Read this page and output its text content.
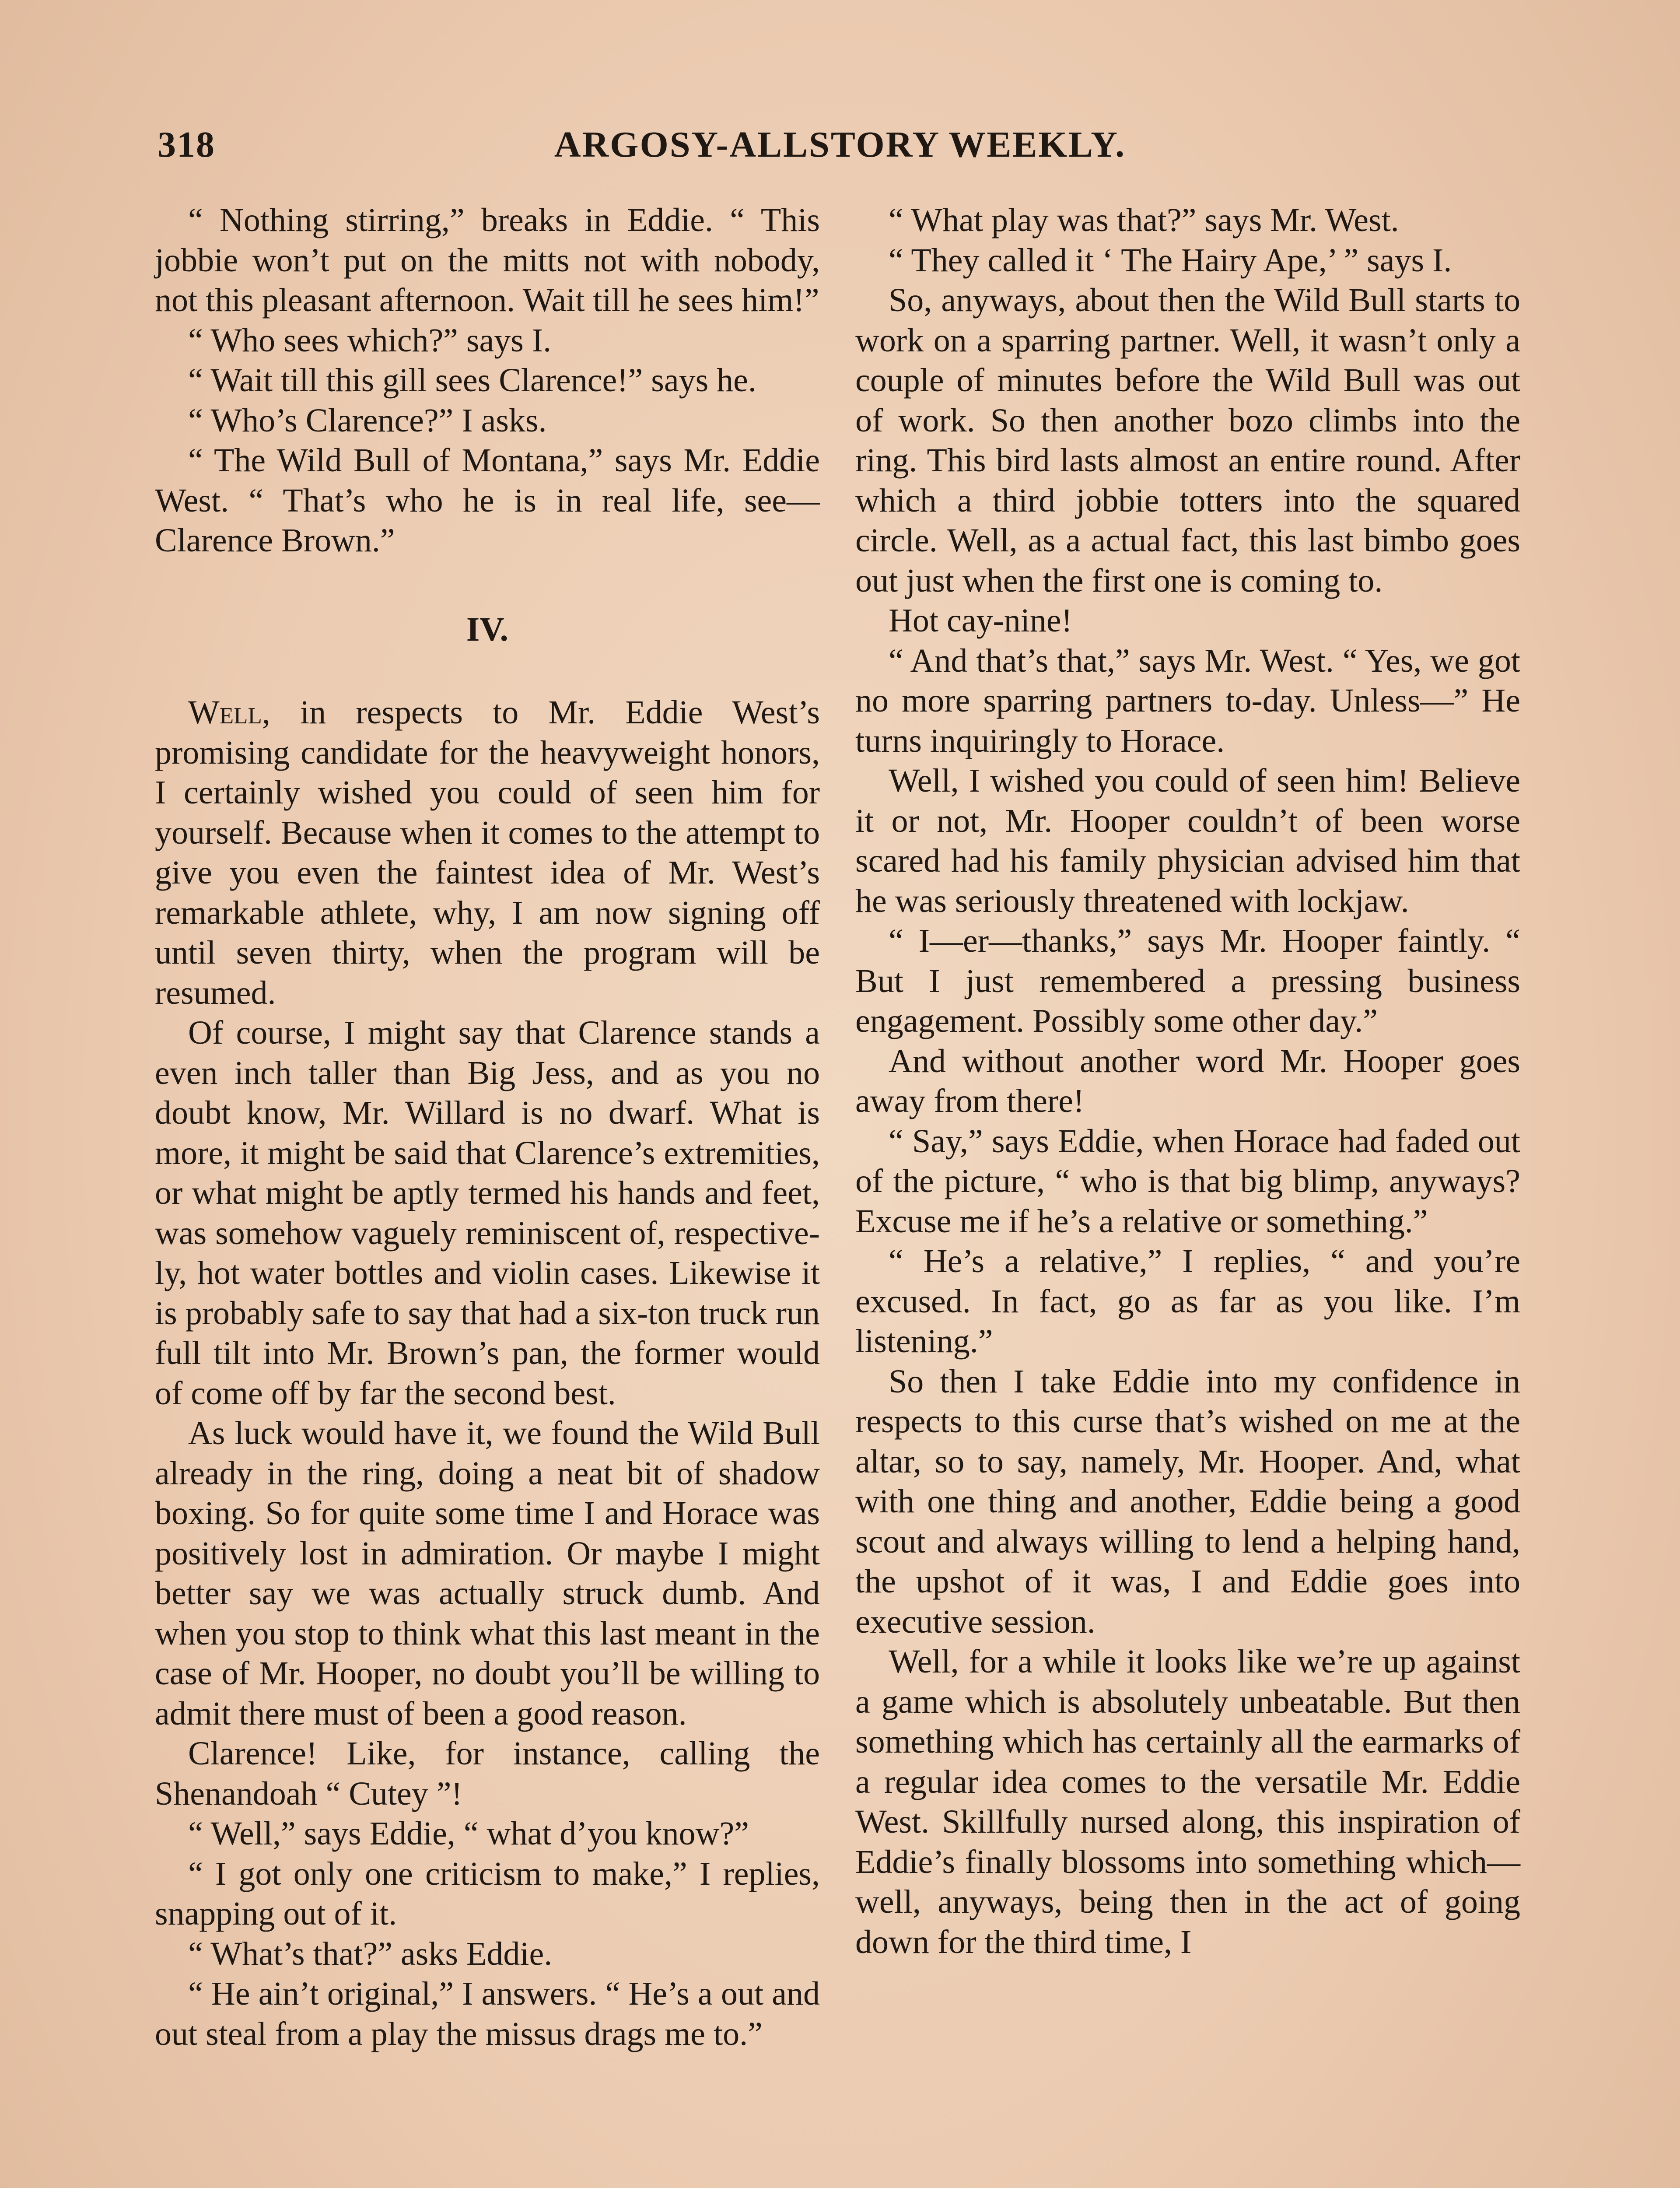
318	ARGOSY-ALLSTORY WEEKLY.

“ Nothing stirring,” breaks in Eddie. “ This jobbie won’t put on the mitts not with nobody, not this pleasant afternoon. Wait till he sees him!”

“ Who sees which?” says I.

“ Wait till this gill sees Clarence!” says he.

“ Who’s Clarence?” I asks.

“ The Wild Bull of Montana,” says Mr. Eddie West. “ That’s who he is in real life, see—Clarence Brown.”

IV.

Well, in respects to Mr. Eddie West’s promising candidate for the heavyweight honors, I certainly wished you could of seen him for yourself. Because when it comes to the attempt to give you even the faintest idea of Mr. West’s remarkable athlete, why, I am now signing off until seven thirty, when the program will be resumed.

Of course, I might say that Clarence stands a even inch taller than Big Jess, and as you no doubt know, Mr. Willard is no dwarf. What is more, it might be said that Clarence’s extremities, or what might be aptly termed his hands and feet, was somehow vaguely reminiscent of, respectively, hot water bottles and violin cases. Likewise it is probably safe to say that had a six-ton truck run full tilt into Mr. Brown’s pan, the former would of come off by far the second best.

As luck would have it, we found the Wild Bull already in the ring, doing a neat bit of shadow boxing. So for quite some time I and Horace was positively lost in admiration. Or maybe I might better say we was actually struck dumb. And when you stop to think what this last meant in the case of Mr. Hooper, no doubt you’ll be willing to admit there must of been a good reason.

Clarence! Like, for instance, calling the Shenandoah “ Cutey ”!

“ Well,” says Eddie, “ what d’you know?”

“ I got only one criticism to make,” I replies, snapping out of it.

“ What’s that?” asks Eddie.

“ He ain’t original,” I answers. “ He’s a out and out steal from a play the missus drags me to.”

“ What play was that?” says Mr. West.

“ They called it ‘ The Hairy Ape,’ ” says I.

So, anyways, about then the Wild Bull starts to work on a sparring partner. Well, it wasn’t only a couple of minutes before the Wild Bull was out of work. So then another bozo climbs into the ring. This bird lasts almost an entire round. After which a third jobbie totters into the squared circle. Well, as a actual fact, this last bimbo goes out just when the first one is coming to.

Hot cay-nine!

“ And that’s that,” says Mr. West. “ Yes, we got no more sparring partners to-day. Unless—” He turns inquiringly to Horace.

Well, I wished you could of seen him! Believe it or not, Mr. Hooper couldn’t of been worse scared had his family physician advised him that he was seriously threatened with lockjaw.

“ I—er—thanks,” says Mr. Hooper faintly. “ But I just remembered a pressing business engagement. Possibly some other day.”

And without another word Mr. Hooper goes away from there!

“ Say,” says Eddie, when Horace had faded out of the picture, “ who is that big blimp, anyways? Excuse me if he’s a relative or something.”

“ He’s a relative,” I replies, “ and you’re excused. In fact, go as far as you like. I’m listening.”

So then I take Eddie into my confidence in respects to this curse that’s wished on me at the altar, so to say, namely, Mr. Hooper. And, what with one thing and another, Eddie being a good scout and always willing to lend a helping hand, the upshot of it was, I and Eddie goes into executive session.

Well, for a while it looks like we’re up against a game which is absolutely unbeatable. But then something which has certainly all the earmarks of a regular idea comes to the versatile Mr. Eddie West. Skillfully nursed along, this inspiration of Eddie’s finally blossoms into something which—well, anyways, being then in the act of going down for the third time, I
